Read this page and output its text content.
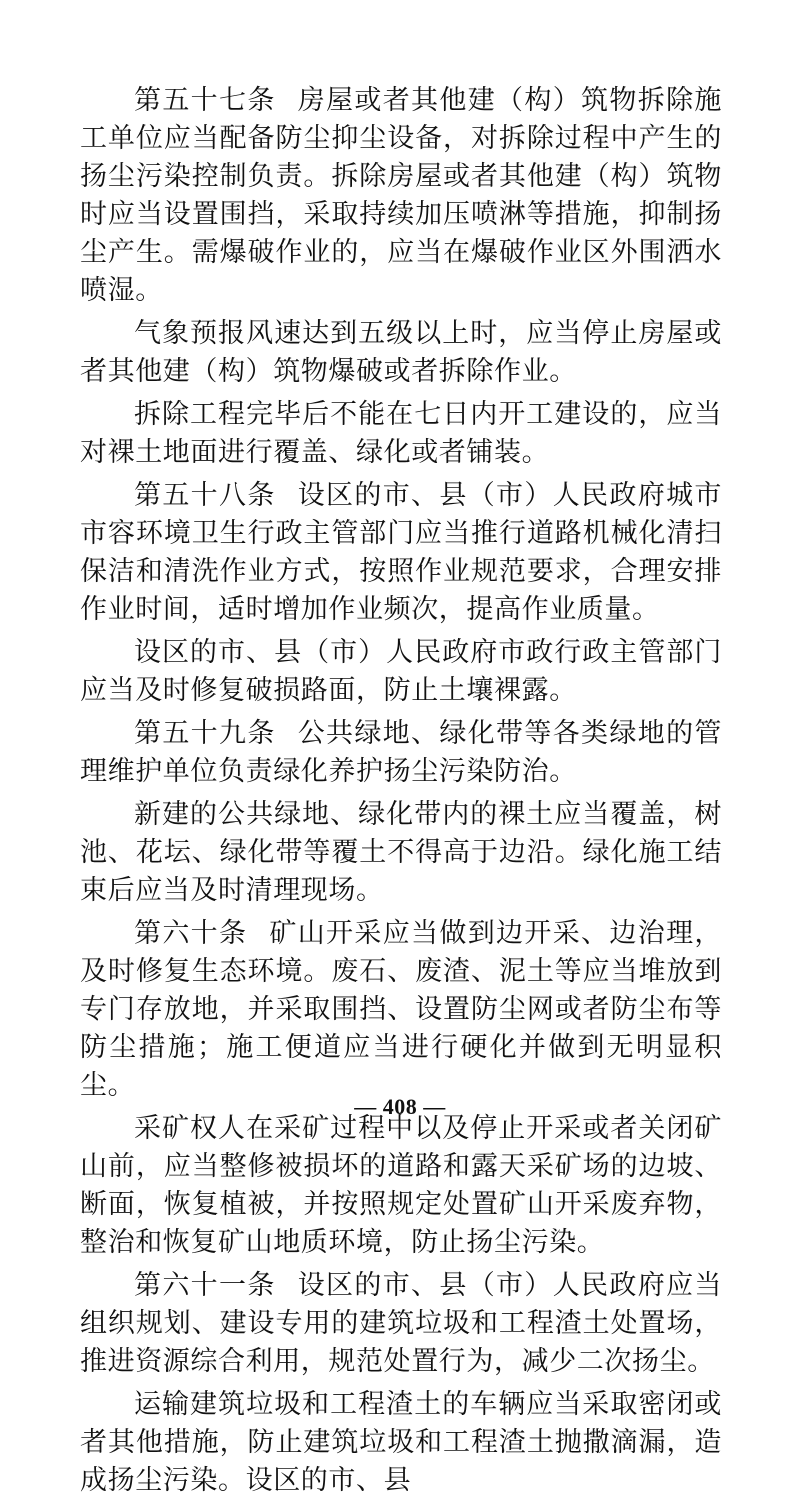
第五十七条 房屋或者其他建（构）筑物拆除施工单位应当配备防尘抑尘设备，对拆除过程中产生的扬尘污染控制负责。拆除房屋或者其他建（构）筑物时应当设置围挡，采取持续加压喷淋等措施，抑制扬尘产生。需爆破作业的，应当在爆破作业区外围洒水喷湿。

气象预报风速达到五级以上时，应当停止房屋或者其他建（构）筑物爆破或者拆除作业。

拆除工程完毕后不能在七日内开工建设的，应当对裸土地面进行覆盖、绿化或者铺装。

第五十八条 设区的市、县（市）人民政府城市市容环境卫生行政主管部门应当推行道路机械化清扫保洁和清洗作业方式，按照作业规范要求，合理安排作业时间，适时增加作业频次，提高作业质量。

设区的市、县（市）人民政府市政行政主管部门应当及时修复破损路面，防止土壤裸露。

第五十九条 公共绿地、绿化带等各类绿地的管理维护单位负责绿化养护扬尘污染防治。

新建的公共绿地、绿化带内的裸土应当覆盖，树池、花坛、绿化带等覆土不得高于边沿。绿化施工结束后应当及时清理现场。

第六十条 矿山开采应当做到边开采、边治理，及时修复生态环境。废石、废渣、泥土等应当堆放到专门存放地，并采取围挡、设置防尘网或者防尘布等防尘措施；施工便道应当进行硬化并做到无明显积尘。

采矿权人在采矿过程中以及停止开采或者关闭矿山前，应当整修被损坏的道路和露天采矿场的边坡、断面，恢复植被，并按照规定处置矿山开采废弃物，整治和恢复矿山地质环境，防止扬尘污染。

第六十一条 设区的市、县（市）人民政府应当组织规划、建设专用的建筑垃圾和工程渣土处置场，推进资源综合利用，规范处置行为，减少二次扬尘。

运输建筑垃圾和工程渣土的车辆应当采取密闭或者其他措施，防止建筑垃圾和工程渣土抛撒滴漏，造成扬尘污染。设区的市、县

— 408 —
